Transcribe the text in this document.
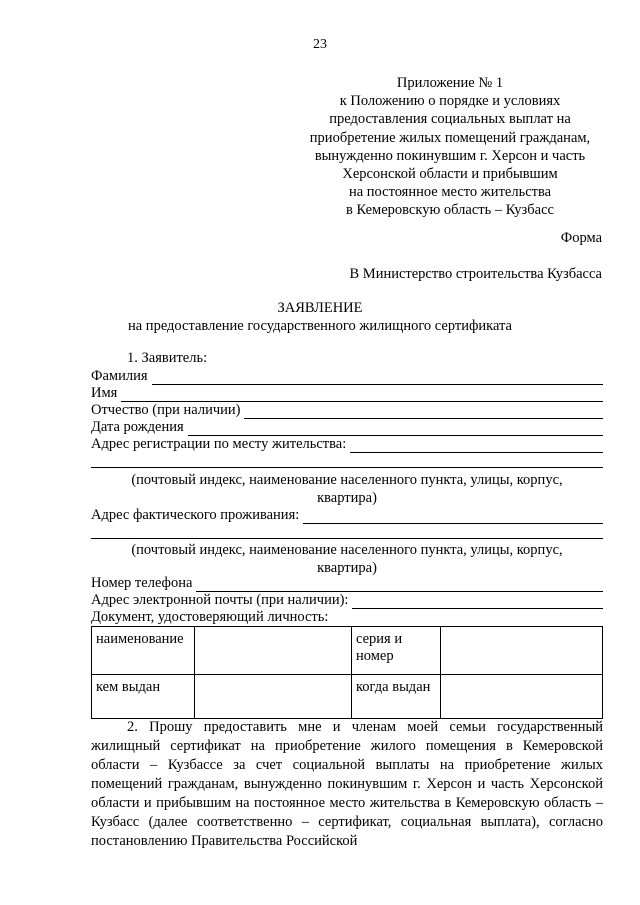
23
Приложение № 1
к Положению о порядке и условиях
предоставления социальных выплат на
приобретение жилых помещений гражданам,
вынужденно покинувшим г. Херсон и часть
Херсонской области и прибывшим
на постоянное место жительства
в Кемеровскую область – Кузбасс
Форма
В Министерство строительства Кузбасса
ЗАЯВЛЕНИЕ
на предоставление государственного жилищного сертификата
1. Заявитель:
Фамилия
Имя
Отчество (при наличии)
Дата рождения
Адрес регистрации по месту жительства:
(почтовый индекс, наименование населенного пункта, улицы, корпус,
квартира)
Адрес фактического проживания:
(почтовый индекс, наименование населенного пункта, улицы, корпус,
квартира)
Номер телефона
Адрес электронной почты (при наличии):
Документ, удостоверяющий личность:
наименование		серия и
номер	

кем выдан		когда выдан	
2. Прошу предоставить мне и членам моей семьи государственный жилищный сертификат на приобретение жилого помещения в Кемеровской области – Кузбассе за счет социальной выплаты на приобретение жилых помещений гражданам, вынужденно покинувшим г. Херсон и часть Херсонской области и прибывшим на постоянное место жительства в Кемеровскую область – Кузбасс (далее соответственно – сертификат, социальная выплата), согласно постановлению Правительства Российской
